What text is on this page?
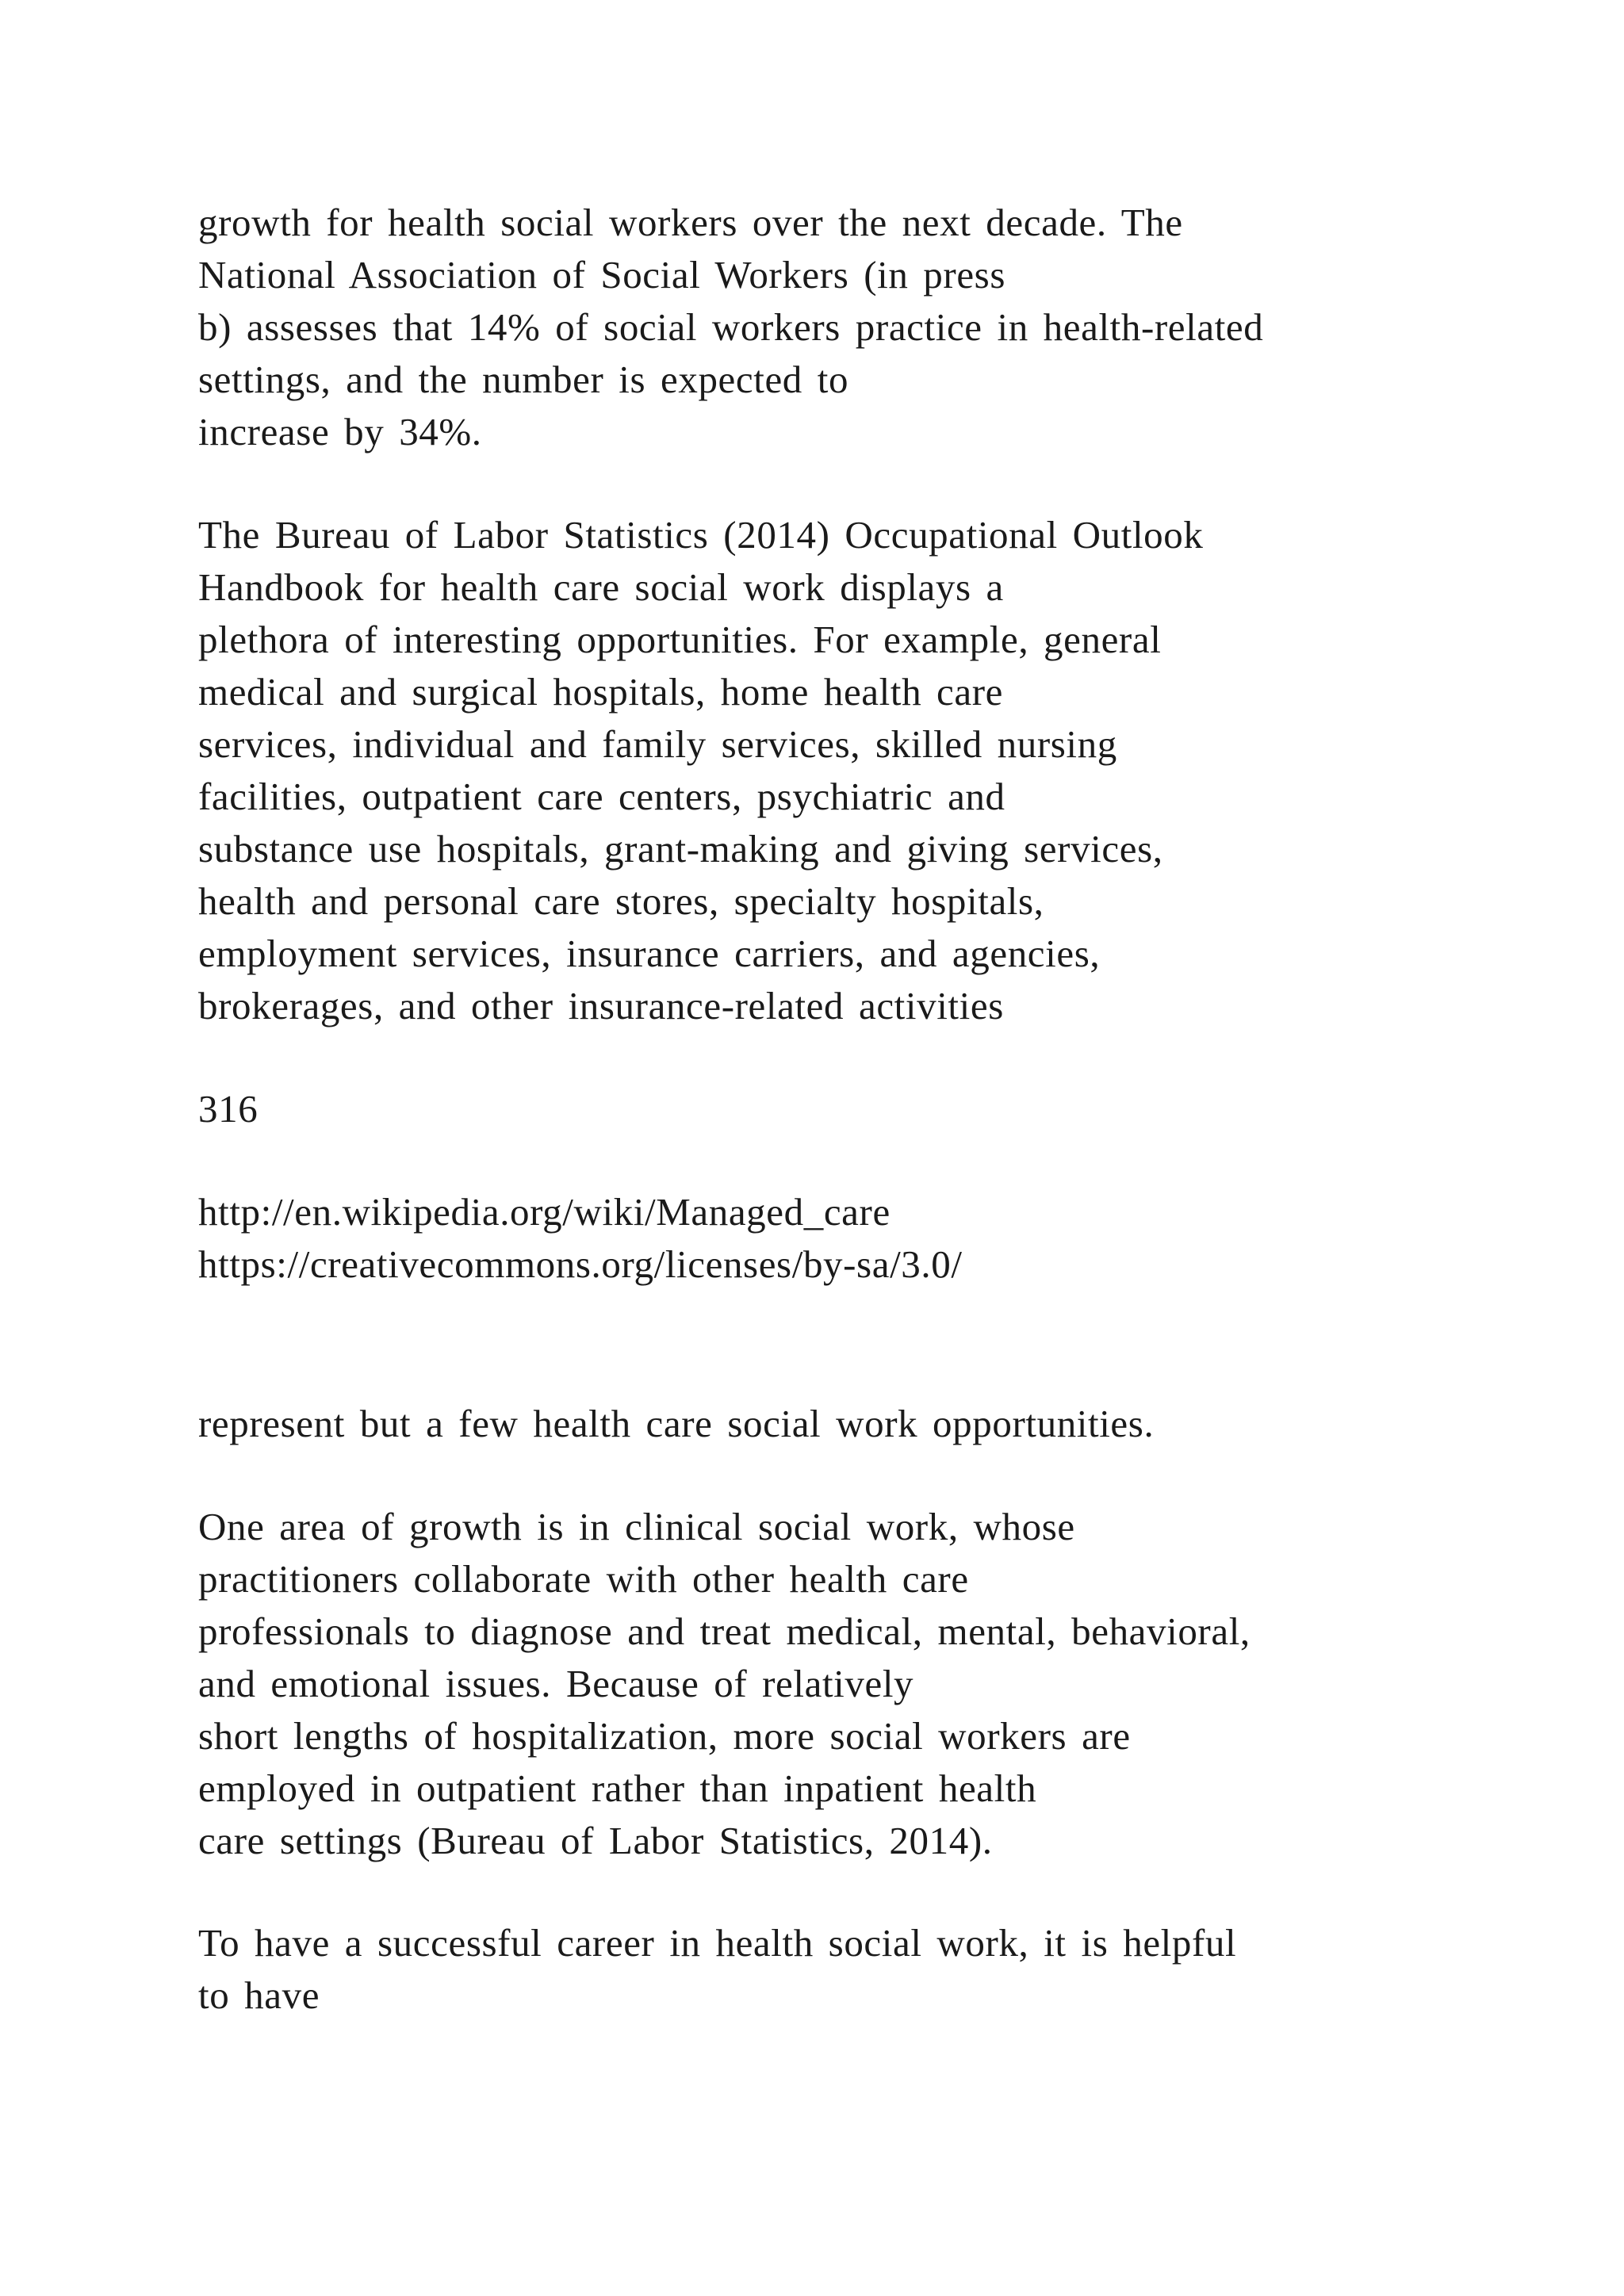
growth for health social workers over the next decade. The
National Association of Social Workers (in press
b) assesses that 14% of social workers practice in health-related
settings, and the number is expected to
increase by 34%.
The Bureau of Labor Statistics (2014) Occupational Outlook
Handbook for health care social work displays a
plethora of interesting opportunities. For example, general
medical and surgical hospitals, home health care
services, individual and family services, skilled nursing
facilities, outpatient care centers, psychiatric and
substance use hospitals, grant-making and giving services,
health and personal care stores, specialty hospitals,
employment services, insurance carriers, and agencies,
brokerages, and other insurance-related activities
316
http://en.wikipedia.org/wiki/Managed_care
https://creativecommons.org/licenses/by-sa/3.0/
represent but a few health care social work opportunities.
One area of growth is in clinical social work, whose
practitioners collaborate with other health care
professionals to diagnose and treat medical, mental, behavioral,
and emotional issues. Because of relatively
short lengths of hospitalization, more social workers are
employed in outpatient rather than inpatient health
care settings (Bureau of Labor Statistics, 2014).
To have a successful career in health social work, it is helpful
to have
